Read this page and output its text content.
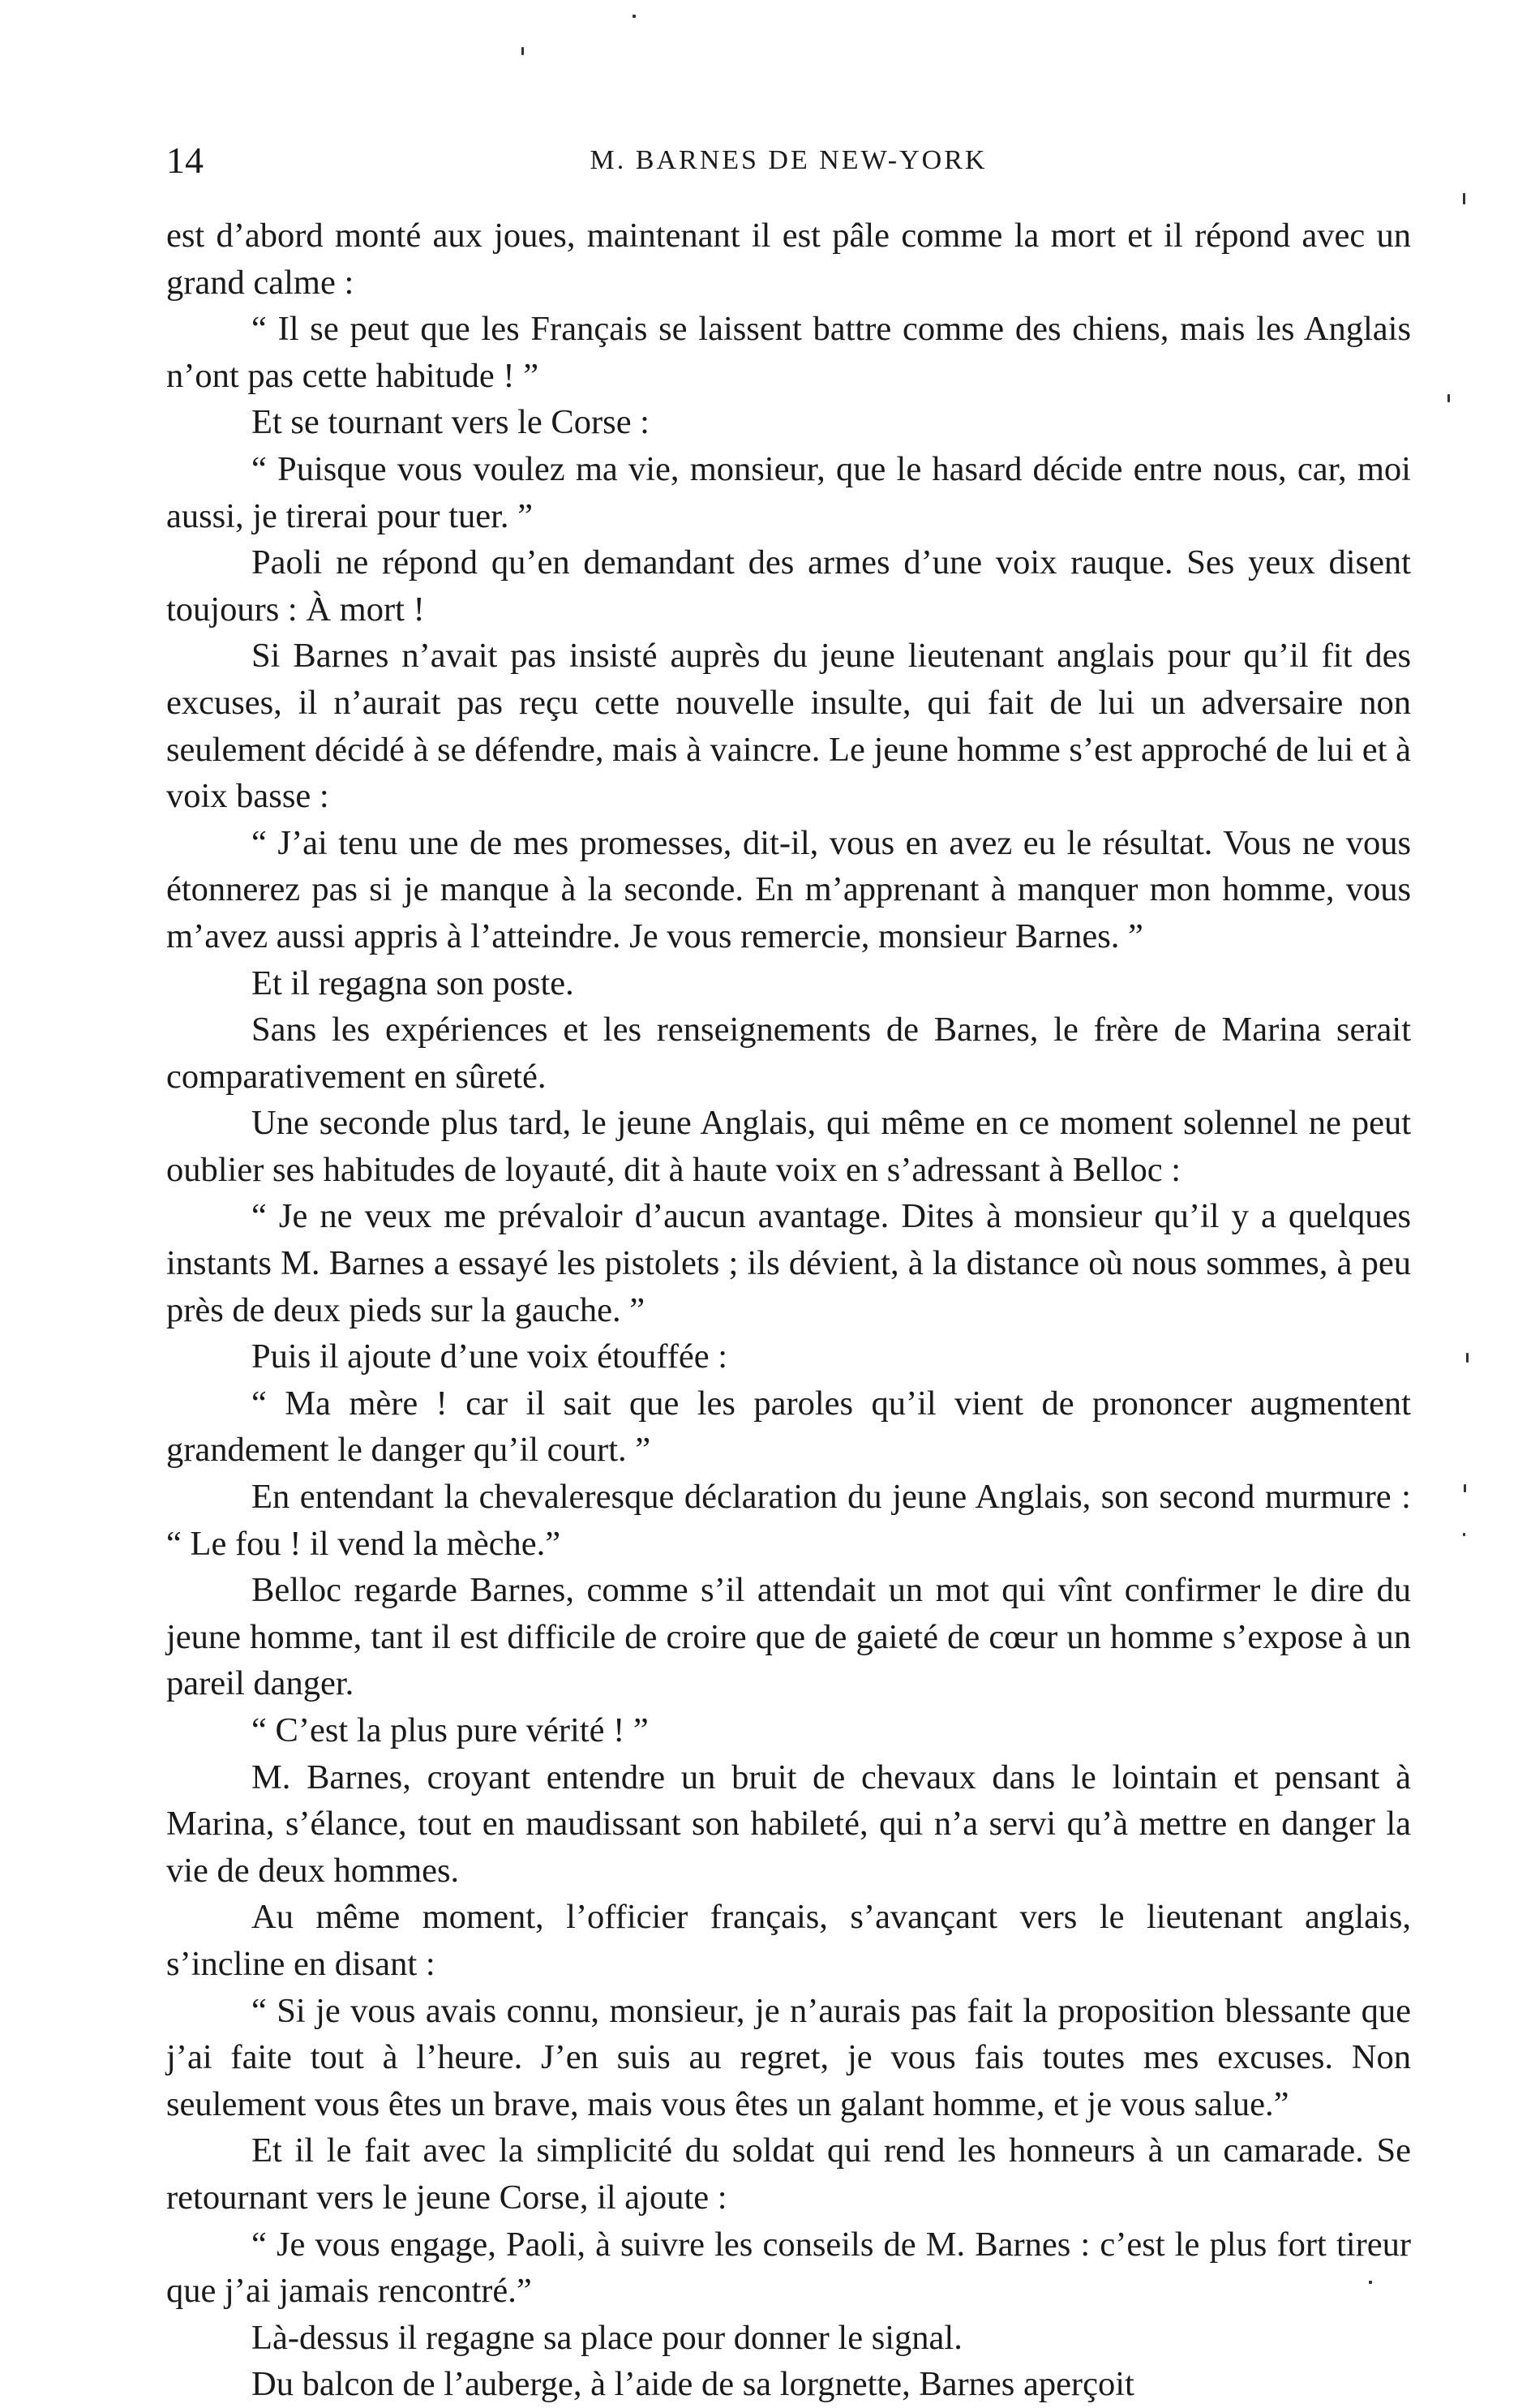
14	M. BARNES DE NEW-YORK

est d’abord monté aux joues, maintenant il est pâle comme la mort et il répond avec un grand calme :

“ Il se peut que les Français se laissent battre comme des chiens, mais les Anglais n’ont pas cette habitude ! ”

Et se tournant vers le Corse :

“ Puisque vous voulez ma vie, monsieur, que le hasard décide entre nous, car, moi aussi, je tirerai pour tuer. ”

Paoli ne répond qu’en demandant des armes d’une voix rauque. Ses yeux disent toujours : À mort !

Si Barnes n’avait pas insisté auprès du jeune lieutenant anglais pour qu’il fit des excuses, il n’aurait pas reçu cette nouvelle insulte, qui fait de lui un adversaire non seulement décidé à se défendre, mais à vaincre. Le jeune homme s’est approché de lui et à voix basse :

“ J’ai tenu une de mes promesses, dit-il, vous en avez eu le résultat. Vous ne vous étonnerez pas si je manque à la seconde. En m’apprenant à manquer mon homme, vous m’avez aussi appris à l’atteindre. Je vous remercie, monsieur Barnes. ”

Et il regagna son poste.

Sans les expériences et les renseignements de Barnes, le frère de Marina serait comparativement en sûreté.

Une seconde plus tard, le jeune Anglais, qui même en ce moment solennel ne peut oublier ses habitudes de loyauté, dit à haute voix en s’adressant à Belloc :

“ Je ne veux me prévaloir d’aucun avantage. Dites à monsieur qu’il y a quelques instants M. Barnes a essayé les pistolets ; ils dévient, à la distance où nous sommes, à peu près de deux pieds sur la gauche. ”

Puis il ajoute d’une voix étouffée :

“ Ma mère ! car il sait que les paroles qu’il vient de prononcer augmentent grandement le danger qu’il court. ”

En entendant la chevaleresque déclaration du jeune Anglais, son second murmure : “ Le fou ! il vend la mèche.”

Belloc regarde Barnes, comme s’il attendait un mot qui vînt confirmer le dire du jeune homme, tant il est difficile de croire que de gaieté de cœur un homme s’expose à un pareil danger.

“ C’est la plus pure vérité ! ”

M. Barnes, croyant entendre un bruit de chevaux dans le lointain et pensant à Marina, s’élance, tout en maudissant son habileté, qui n’a servi qu’à mettre en danger la vie de deux hommes.

Au même moment, l’officier français, s’avançant vers le lieutenant anglais, s’incline en disant :

“ Si je vous avais connu, monsieur, je n’aurais pas fait la proposition blessante que j’ai faite tout à l’heure. J’en suis au regret, je vous fais toutes mes excuses. Non seulement vous êtes un brave, mais vous êtes un galant homme, et je vous salue.”

Et il le fait avec la simplicité du soldat qui rend les honneurs à un camarade. Se retournant vers le jeune Corse, il ajoute :

“ Je vous engage, Paoli, à suivre les conseils de M. Barnes : c’est le plus fort tireur que j’ai jamais rencontré.”

Là-dessus il regagne sa place pour donner le signal.

Du balcon de l’auberge, à l’aide de sa lorgnette, Barnes aperçoit
